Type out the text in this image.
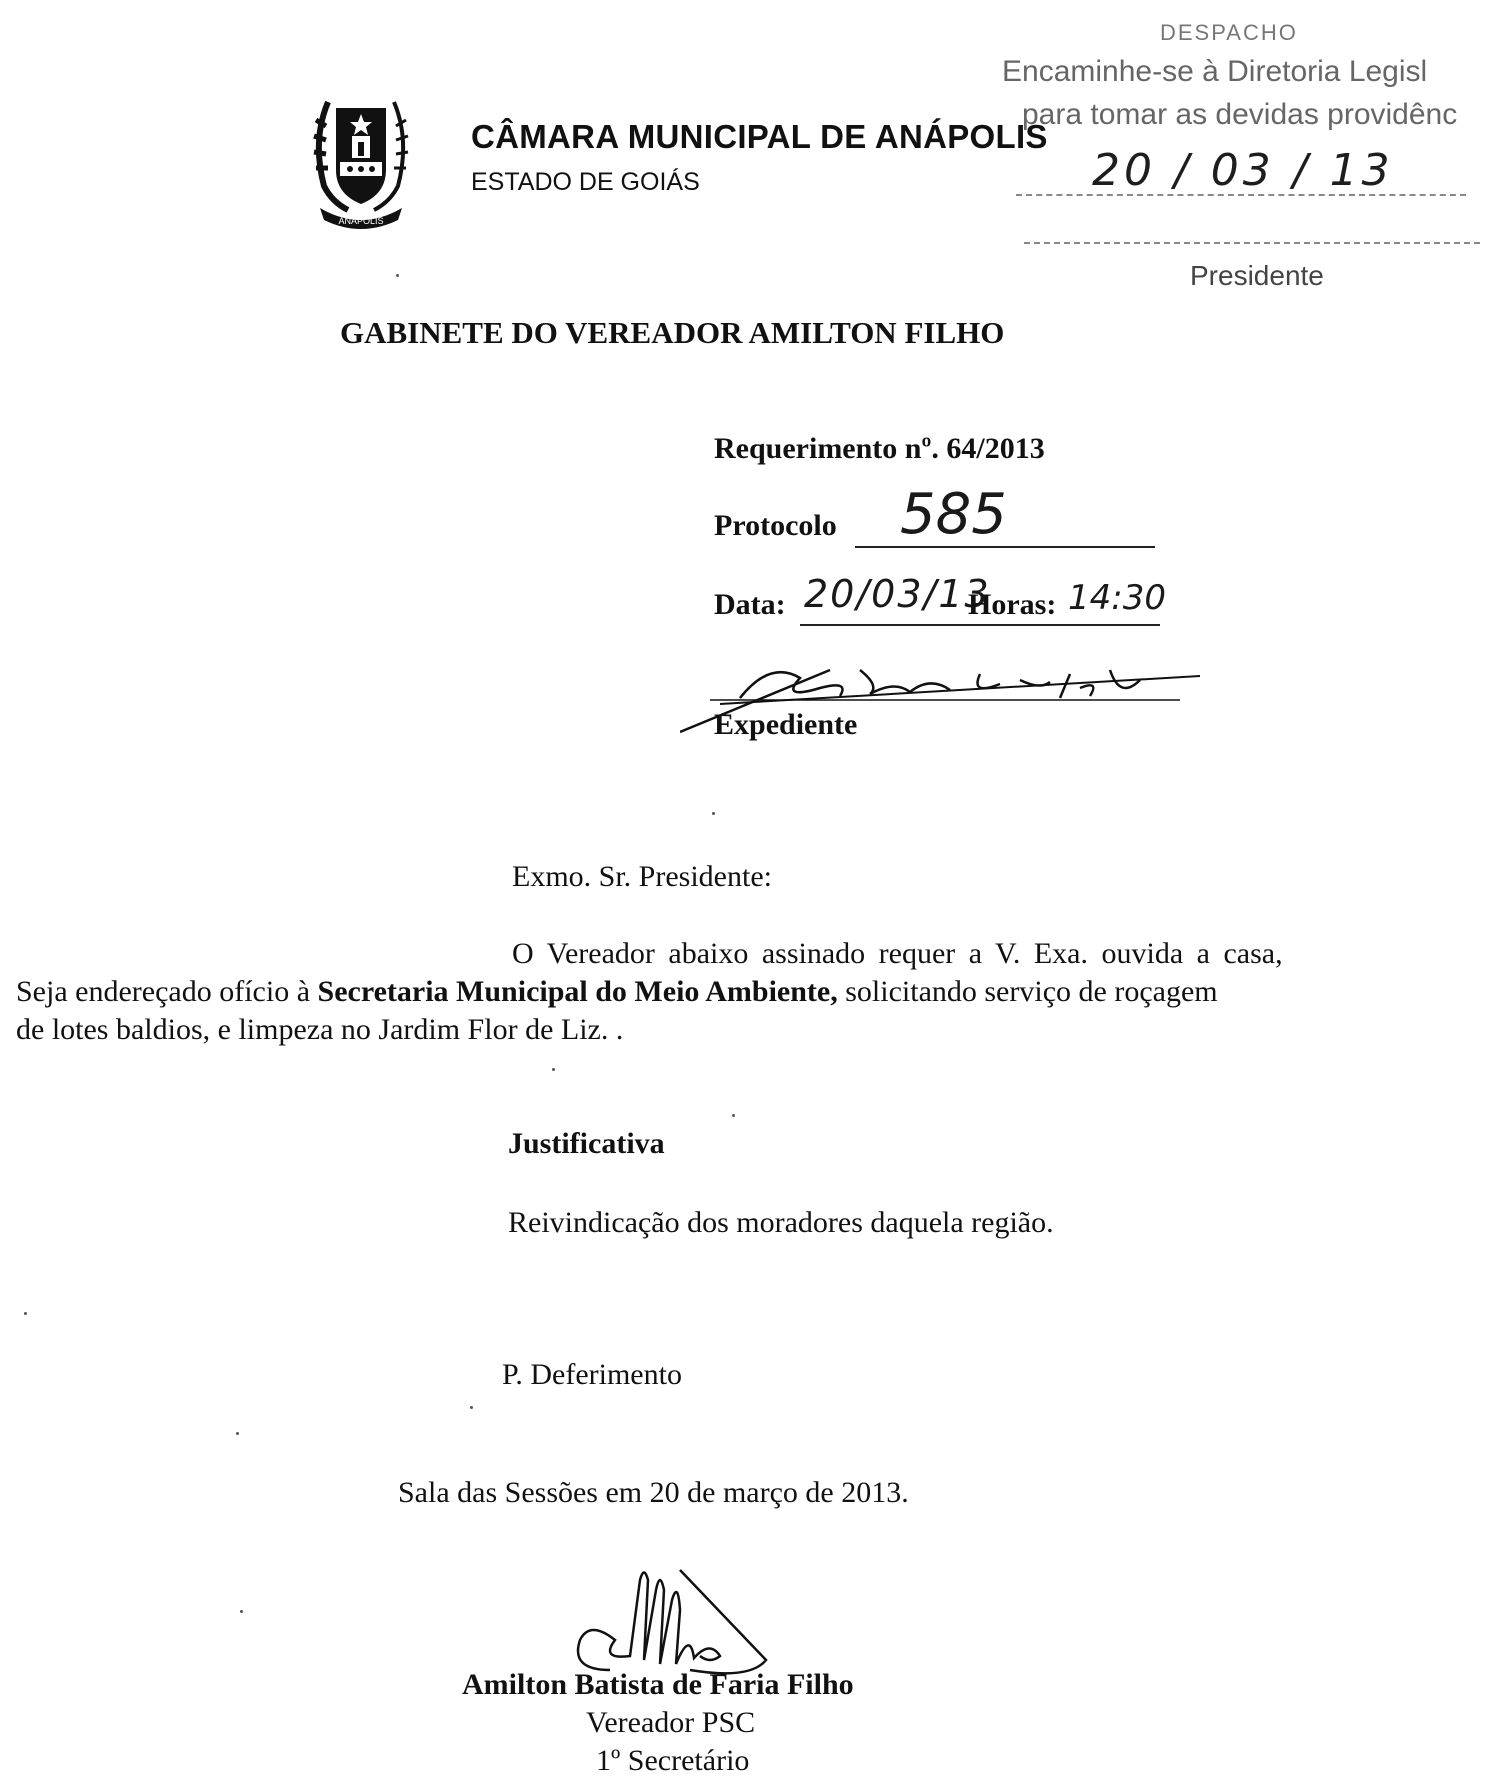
ANÁPOLIS
CÂMARA MUNICIPAL DE ANÁPOLIS
ESTADO DE GOIÁS
DESPACHO
Encaminhe-se à Diretoria Legisl
para tomar as devidas providênc
20 / 03 / 13
Presidente
GABINETE DO VEREADOR AMILTON FILHO
Requerimento nº. 64/2013
Protocolo 585
Data: 20/03/13
Horas: 14:30
Expediente
Exmo. Sr. Presidente:
O Vereador abaixo assinado requer a V. Exa. ouvida a casa,
Seja endereçado ofício à Secretaria Municipal do Meio Ambiente, solicitando serviço de roçagem
de lotes baldios, e limpeza no Jardim Flor de Liz. .
Justificativa
Reivindicação dos moradores daquela região.
P. Deferimento
Sala das Sessões em 20 de março de 2013.
Amilton Batista de Faria Filho
Vereador PSC
1º Secretário
